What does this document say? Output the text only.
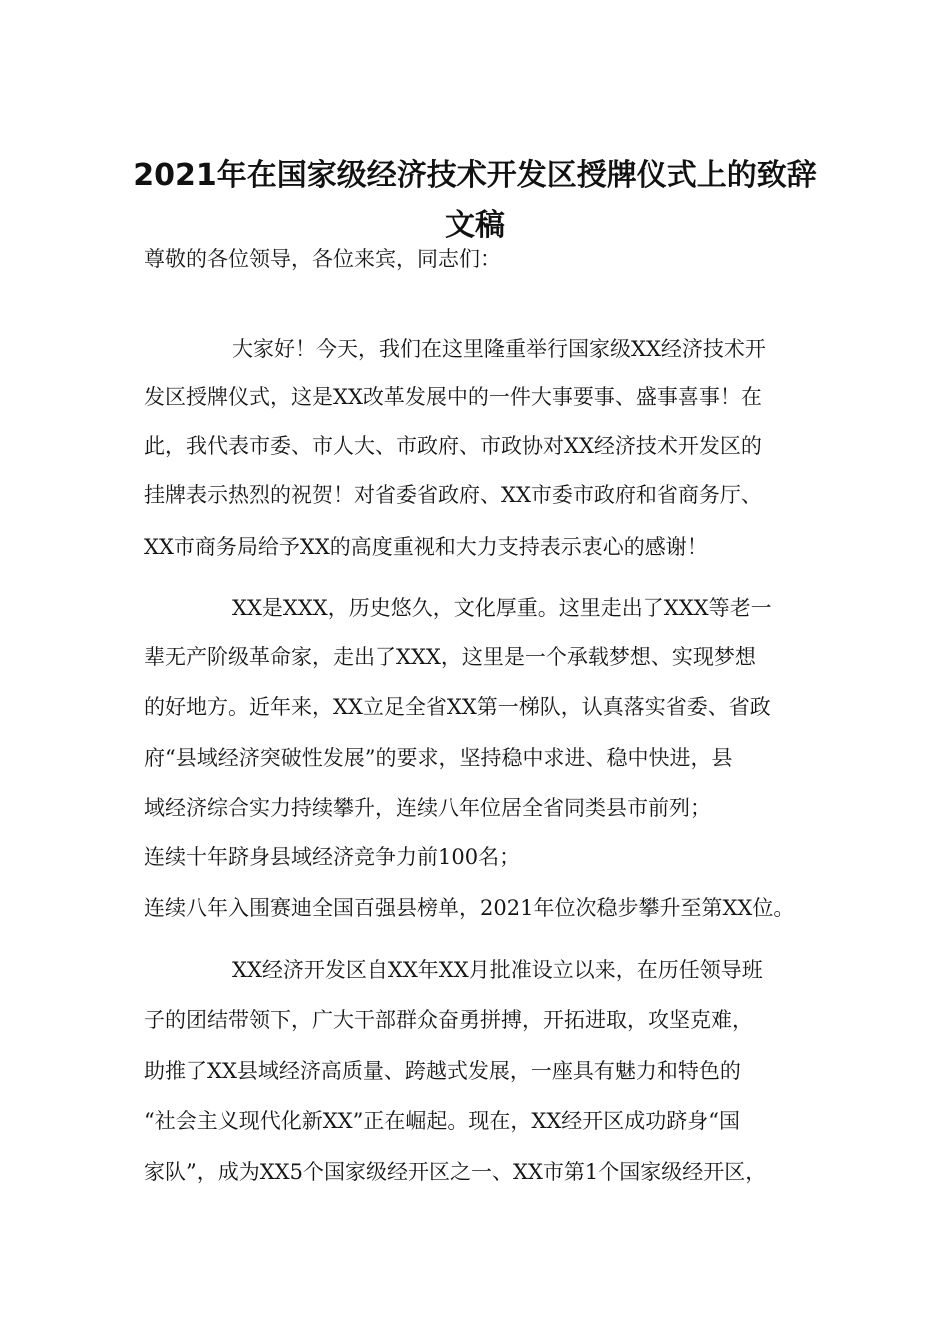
2021年在国家级经济技术开发区授牌仪式上的致辞
文稿
尊敬的各位领导，各位来宾，同志们：
大家好！今天，我们在这里隆重举行国家级XX经济技术开
发区授牌仪式，这是XX改革发展中的一件大事要事、盛事喜事！在
此，我代表市委、市人大、市政府、市政协对XX经济技术开发区的
挂牌表示热烈的祝贺！对省委省政府、XX市委市政府和省商务厅、
XX市商务局给予XX的高度重视和大力支持表示衷心的感谢！
XX是XXX，历史悠久，文化厚重。这里走出了XXX等老一
辈无产阶级革命家，走出了XXX，这里是一个承载梦想、实现梦想
的好地方。近年来，XX立足全省XX第一梯队，认真落实省委、省政
府“县域经济突破性发展”的要求，坚持稳中求进、稳中快进，县
域经济综合实力持续攀升，连续八年位居全省同类县市前列；
连续十年跻身县域经济竞争力前100名；
连续八年入围赛迪全国百强县榜单，2021年位次稳步攀升至第XX位。
XX经济开发区自XX年XX月批准设立以来，在历任领导班
子的团结带领下，广大干部群众奋勇拼搏，开拓进取，攻坚克难，
助推了XX县域经济高质量、跨越式发展，一座具有魅力和特色的
“社会主义现代化新XX”正在崛起。现在，XX经开区成功跻身“国
家队”，成为XX5个国家级经开区之一、XX市第1个国家级经开区，
